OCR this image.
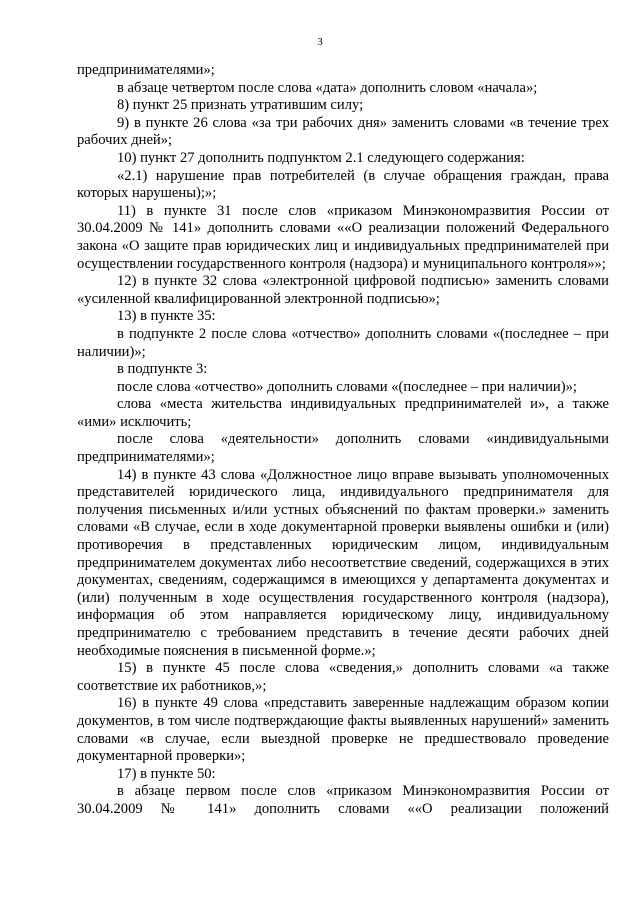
3

предпринимателями»;

в абзаце четвертом после слова «дата» дополнить словом «начала»;

8) пункт 25 признать утратившим силу;

9) в пункте 26 слова «за три рабочих дня» заменить словами «в течение трех рабочих дней»;

10) пункт 27 дополнить подпунктом 2.1 следующего содержания:

«2.1) нарушение прав потребителей (в случае обращения граждан, права которых нарушены);»;

11) в пункте 31 после слов «приказом Минэкономразвития России от 30.04.2009 № 141» дополнить словами ««О реализации положений Федерального закона «О защите прав юридических лиц и индивидуальных предпринимателей при осуществлении государственного контроля (надзора) и муниципального контроля»»;

12) в пункте 32 слова «электронной цифровой подписью» заменить словами «усиленной квалифицированной электронной подписью»;

13) в пункте 35:

в подпункте 2 после слова «отчество» дополнить словами «(последнее – при наличии)»;

в подпункте 3:

после слова «отчество» дополнить словами «(последнее – при наличии)»;

слова «места жительства индивидуальных предпринимателей и», а также «ими» исключить;

после слова «деятельности» дополнить словами «индивидуальными предпринимателями»;

14) в пункте 43 слова «Должностное лицо вправе вызывать уполномоченных представителей юридического лица, индивидуального предпринимателя для получения письменных и/или устных объяснений по фактам проверки.» заменить словами «В случае, если в ходе документарной проверки выявлены ошибки и (или) противоречия в представленных юридическим лицом, индивидуальным предпринимателем документах либо несоответствие сведений, содержащихся в этих документах, сведениям, содержащимся в имеющихся у департамента документах и (или) полученным в ходе осуществления государственного контроля (надзора), информация об этом направляется юридическому лицу, индивидуальному предпринимателю с требованием представить в течение десяти рабочих дней необходимые пояснения в письменной форме.»;

15) в пункте 45 после слова «сведения,» дополнить словами «а также соответствие их работников,»;

16) в пункте 49 слова «представить заверенные надлежащим образом копии документов, в том числе подтверждающие факты выявленных нарушений» заменить словами «в случае, если выездной проверке не предшествовало проведение документарной проверки»;

17) в пункте 50:

в абзаце первом после слов «приказом Минэкономразвития России от 30.04.2009 № 141» дополнить словами ««О реализации положений
